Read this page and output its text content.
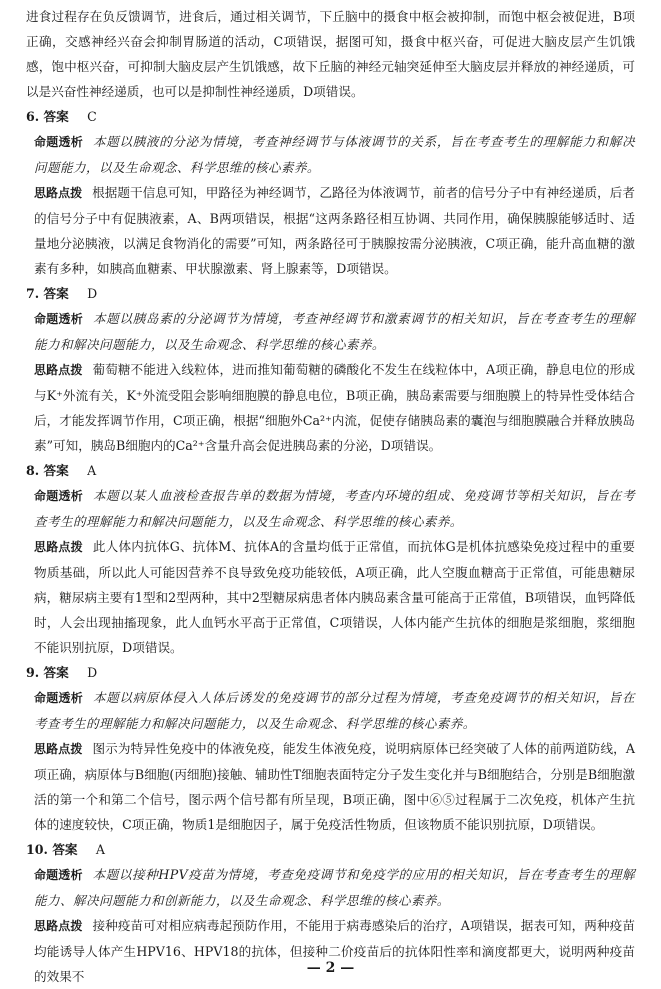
进食过程存在负反馈调节，进食后，通过相关调节，下丘脑中的摄食中枢会被抑制，而饱中枢会被促进，B项正确，交感神经兴奋会抑制胃肠道的活动，C项错误，据图可知，摄食中枢兴奋，可促进大脑皮层产生饥饿感，饱中枢兴奋，可抑制大脑皮层产生饥饿感，故下丘脑的神经元轴突延伸至大脑皮层并释放的神经递质，可以是兴奋性神经递质，也可以是抑制性神经递质，D项错误。

6. 答案 C

命题透析 本题以胰液的分泌为情境，考查神经调节与体液调节的关系，旨在考查考生的理解能力和解决问题能力，以及生命观念、科学思维的核心素养。

思路点拨 根据题干信息可知，甲路径为神经调节，乙路径为体液调节，前者的信号分子中有神经递质，后者的信号分子中有促胰液素，A、B两项错误，根据“这两条路径相互协调、共同作用，确保胰腺能够适时、适量地分泌胰液，以满足食物消化的需要”可知，两条路径可于胰腺按需分泌胰液，C项正确，能升高血糖的激素有多种，如胰高血糖素、甲状腺激素、肾上腺素等，D项错误。

7. 答案 D

命题透析 本题以胰岛素的分泌调节为情境，考查神经调节和激素调节的相关知识，旨在考查考生的理解能力和解决问题能力，以及生命观念、科学思维的核心素养。

思路点拨 葡萄糖不能进入线粒体，进而推知葡萄糖的磷酸化不发生在线粒体中，A项正确，静息电位的形成与K⁺外流有关，K⁺外流受阻会影响细胞膜的静息电位，B项正确，胰岛素需要与细胞膜上的特异性受体结合后，才能发挥调节作用，C项正确，根据“细胞外Ca²⁺内流，促使存储胰岛素的囊泡与细胞膜融合并释放胰岛素”可知，胰岛B细胞内的Ca²⁺含量升高会促进胰岛素的分泌，D项错误。

8. 答案 A

命题透析 本题以某人血液检查报告单的数据为情境，考查内环境的组成、免疫调节等相关知识，旨在考查考生的理解能力和解决问题能力，以及生命观念、科学思维的核心素养。

思路点拨 此人体内抗体G、抗体M、抗体A的含量均低于正常值，而抗体G是机体抗感染免疫过程中的重要物质基础，所以此人可能因营养不良导致免疫功能较低，A项正确，此人空腹血糖高于正常值，可能患糖尿病，糖尿病主要有1型和2型两种，其中2型糖尿病患者体内胰岛素含量可能高于正常值，B项错误，血钙降低时，人会出现抽搐现象，此人血钙水平高于正常值，C项错误，人体内能产生抗体的细胞是浆细胞，浆细胞不能识别抗原，D项错误。

9. 答案 D

命题透析 本题以病原体侵入人体后诱发的免疫调节的部分过程为情境，考查免疫调节的相关知识，旨在考查考生的理解能力和解决问题能力，以及生命观念、科学思维的核心素养。

思路点拨 图示为特异性免疫中的体液免疫，能发生体液免疫，说明病原体已经突破了人体的前两道防线，A项正确，病原体与B细胞(丙细胞)接触、辅助性T细胞表面特定分子发生变化并与B细胞结合，分别是B细胞激活的第一个和第二个信号，图示两个信号都有所呈现，B项正确，图中⑥⑤过程属于二次免疫，机体产生抗体的速度较快，C项正确，物质1是细胞因子，属于免疫活性物质，但该物质不能识别抗原，D项错误。

10. 答案 A

命题透析 本题以接种HPV疫苗为情境，考查免疫调节和免疫学的应用的相关知识，旨在考查考生的理解能力、解决问题能力和创新能力，以及生命观念、科学思维的核心素养。

思路点拨 接种疫苗可对相应病毒起预防作用，不能用于病毒感染后的治疗，A项错误，据表可知，两种疫苗均能诱导人体产生HPV16、HPV18的抗体，但接种二价疫苗后的抗体阳性率和滴度都更大，说明两种疫苗的效果不

— 2 —
